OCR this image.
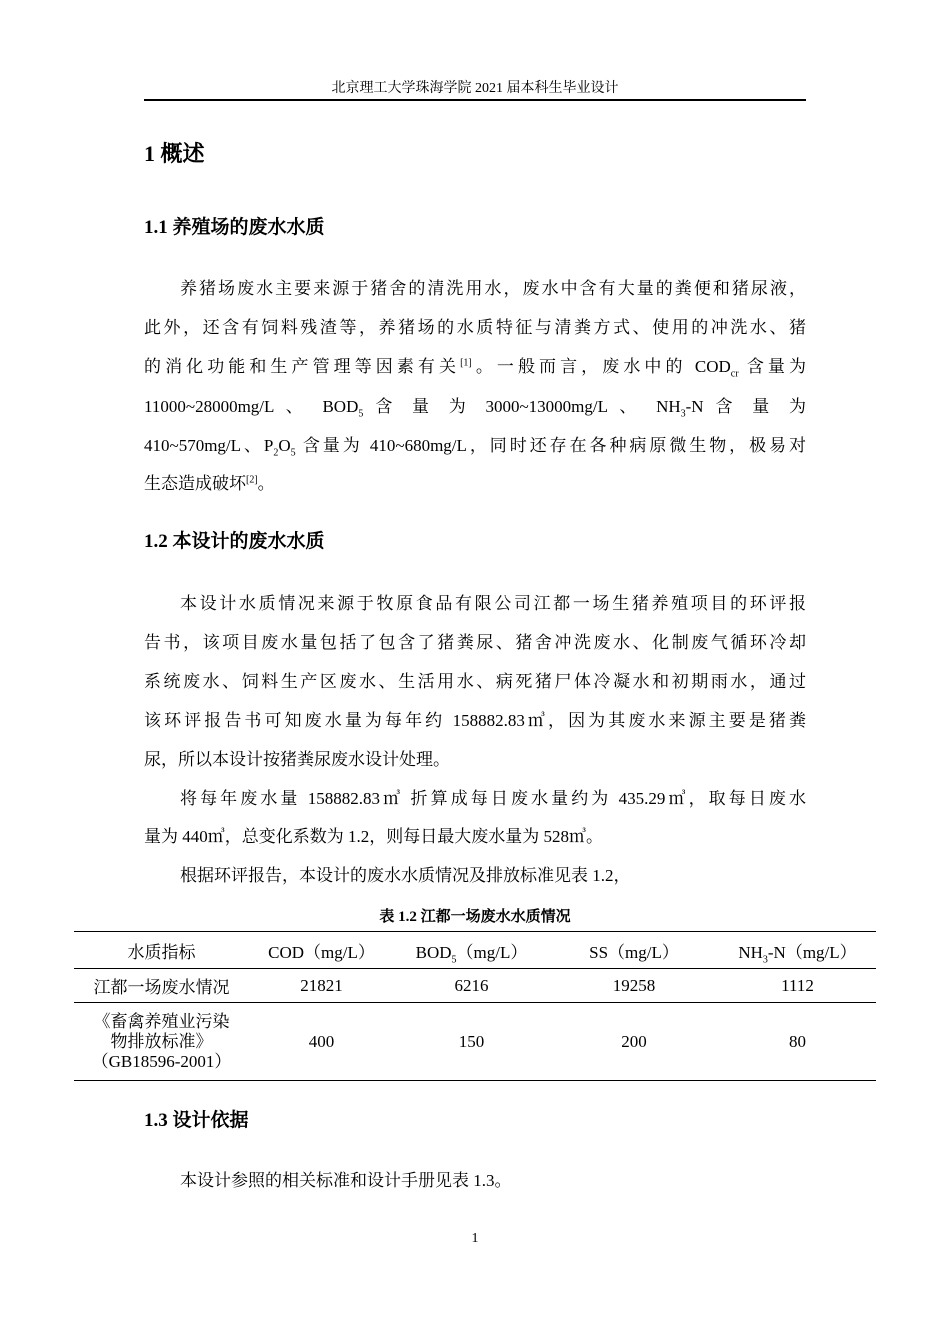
北京理工大学珠海学院 2021 届本科生毕业设计
1 概述
1.1 养殖场的废水水质

养猪场废水主要来源于猪舍的清洗用水，废水中含有大量的粪便和猪尿液，

此外，还含有饲料残渣等，养猪场的水质特征与清粪方式、使用的冲洗水、猪

的消化功能和生产管理等因素有关[1]。一般而言，废水中的 $COD_{cr}$ 含量为

11000~28000mg/L 、 $BOD_5$ 含 量 为 3000~13000mg/L 、 $NH_3-N$ 含 量 为

410~570mg/L、$P_2O_5$ 含量为 410~680mg/L，同时还存在各种病原微生物，极易对

生态造成破坏[2]。

1.2 本设计的废水水质

本设计水质情况来源于牧原食品有限公司江都一场生猪养殖项目的环评报

告书，该项目废水量包括了包含了猪粪尿、猪舍冲洗废水、化制废气循环冷却

系统废水、饲料生产区废水、生活用水、病死猪尸体冷凝水和初期雨水，通过

该环评报告书可知废水量为每年约 158882.83㎥，因为其废水来源主要是猪粪

尿，所以本设计按猪粪尿废水设计处理。

将每年废水量 158882.83㎥ 折算成每日废水量约为 435.29㎥，取每日废水

量为 440㎥，总变化系数为 1.2，则每日最大废水量为 528㎥。

根据环评报告，本设计的废水水质情况及排放标准见表 1.2，

表 1.2 江都一场废水水质情况
水质指标	COD（mg/L）	$BOD_5(mg/L)$	SS（mg/L）	$NH_3-N(mg/L)$
江都一场废水情况	21821	6216	19258	1112
《畜禽养殖业污染
物排放标准》
（GB18596-2001）	400	150	200	80
1.3 设计依据

本设计参照的相关标准和设计手册见表 1.3。

1
